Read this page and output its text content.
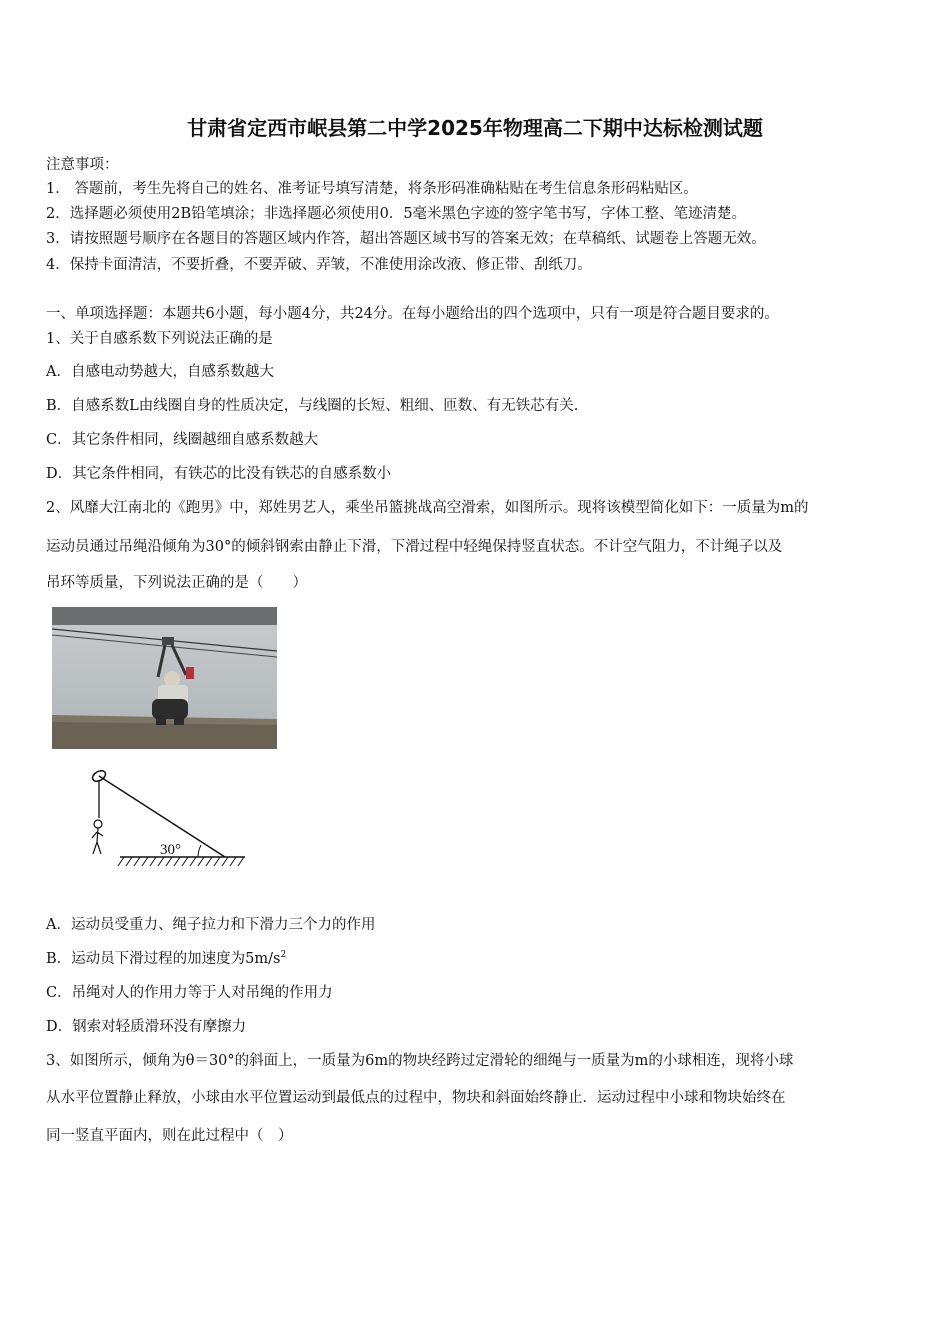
甘肃省定西市岷县第二中学2025年物理高二下期中达标检测试题
注意事项：
1． 答题前，考生先将自己的姓名、准考证号填写清楚，将条形码准确粘贴在考生信息条形码粘贴区。
2．选择题必须使用2B铅笔填涂；非选择题必须使用0．5毫米黑色字迹的签字笔书写，字体工整、笔迹清楚。
3．请按照题号顺序在各题目的答题区域内作答，超出答题区域书写的答案无效；在草稿纸、试题卷上答题无效。
4．保持卡面清洁，不要折叠，不要弄破、弄皱，不准使用涂改液、修正带、刮纸刀。
一、单项选择题：本题共6小题，每小题4分，共24分。在每小题给出的四个选项中，只有一项是符合题目要求的。
1、关于自感系数下列说法正确的是
A．自感电动势越大，自感系数越大
B．自感系数L由线圈自身的性质决定，与线圈的长短、粗细、匝数、有无铁芯有关.
C．其它条件相同，线圈越细自感系数越大
D．其它条件相同，有铁芯的比没有铁芯的自感系数小
2、风靡大江南北的《跑男》中，郑姓男艺人，乘坐吊篮挑战高空滑索，如图所示。现将该模型简化如下：一质量为m的
运动员通过吊绳沿倾角为30°的倾斜钢索由静止下滑，下滑过程中轻绳保持竖直状态。不计空气阻力，不计绳子以及
吊环等质量，下列说法正确的是（　　）
30°
A．运动员受重力、绳子拉力和下滑力三个力的作用
B．运动员下滑过程的加速度为$5m/s^2$
C．吊绳对人的作用力等于人对吊绳的作用力
D．钢索对轻质滑环没有摩擦力
3、如图所示，倾角为θ＝30°的斜面上，一质量为6m的物块经跨过定滑轮的细绳与一质量为m的小球相连，现将小球
从水平位置静止释放，小球由水平位置运动到最低点的过程中，物块和斜面始终静止．运动过程中小球和物块始终在
同一竖直平面内，则在此过程中（　）
